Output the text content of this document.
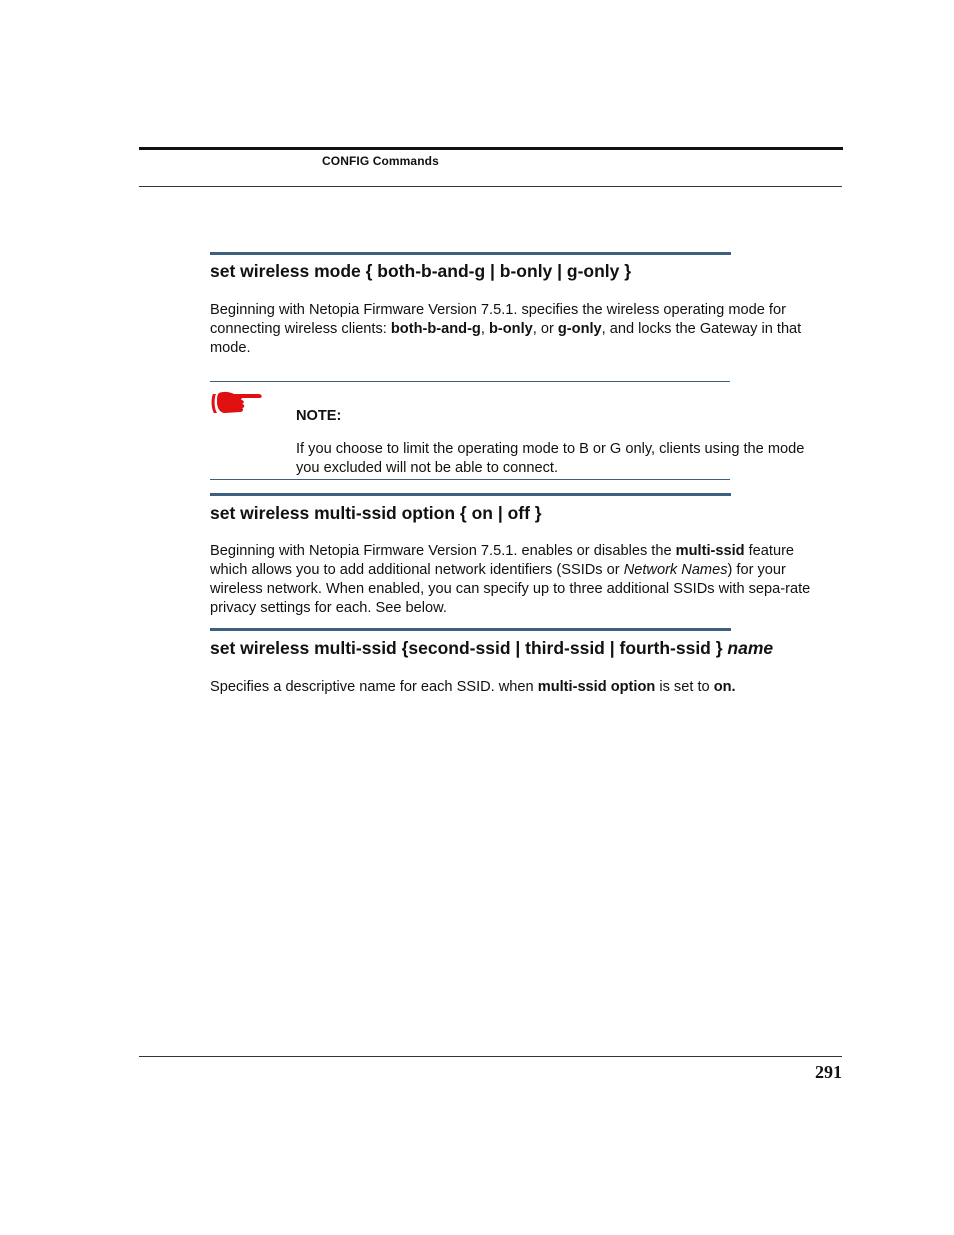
CONFIG Commands
set wireless mode { both-b-and-g | b-only | g-only }
Beginning with Netopia Firmware Version 7.5.1. specifies the wireless operating mode for connecting wireless clients: both-b-and-g, b-only, or g-only, and locks the Gateway in that mode.
NOTE:
If you choose to limit the operating mode to B or G only, clients using the mode you excluded will not be able to connect.
set wireless multi-ssid option { on | off }
Beginning with Netopia Firmware Version 7.5.1. enables or disables the multi-ssid feature which allows you to add additional network identifiers (SSIDs or Network Names) for your wireless network. When enabled, you can specify up to three additional SSIDs with sepa-rate privacy settings for each. See below.
set wireless multi-ssid {second-ssid | third-ssid | fourth-ssid } name
Specifies a descriptive name for each SSID. when multi-ssid option is set to on.
291
